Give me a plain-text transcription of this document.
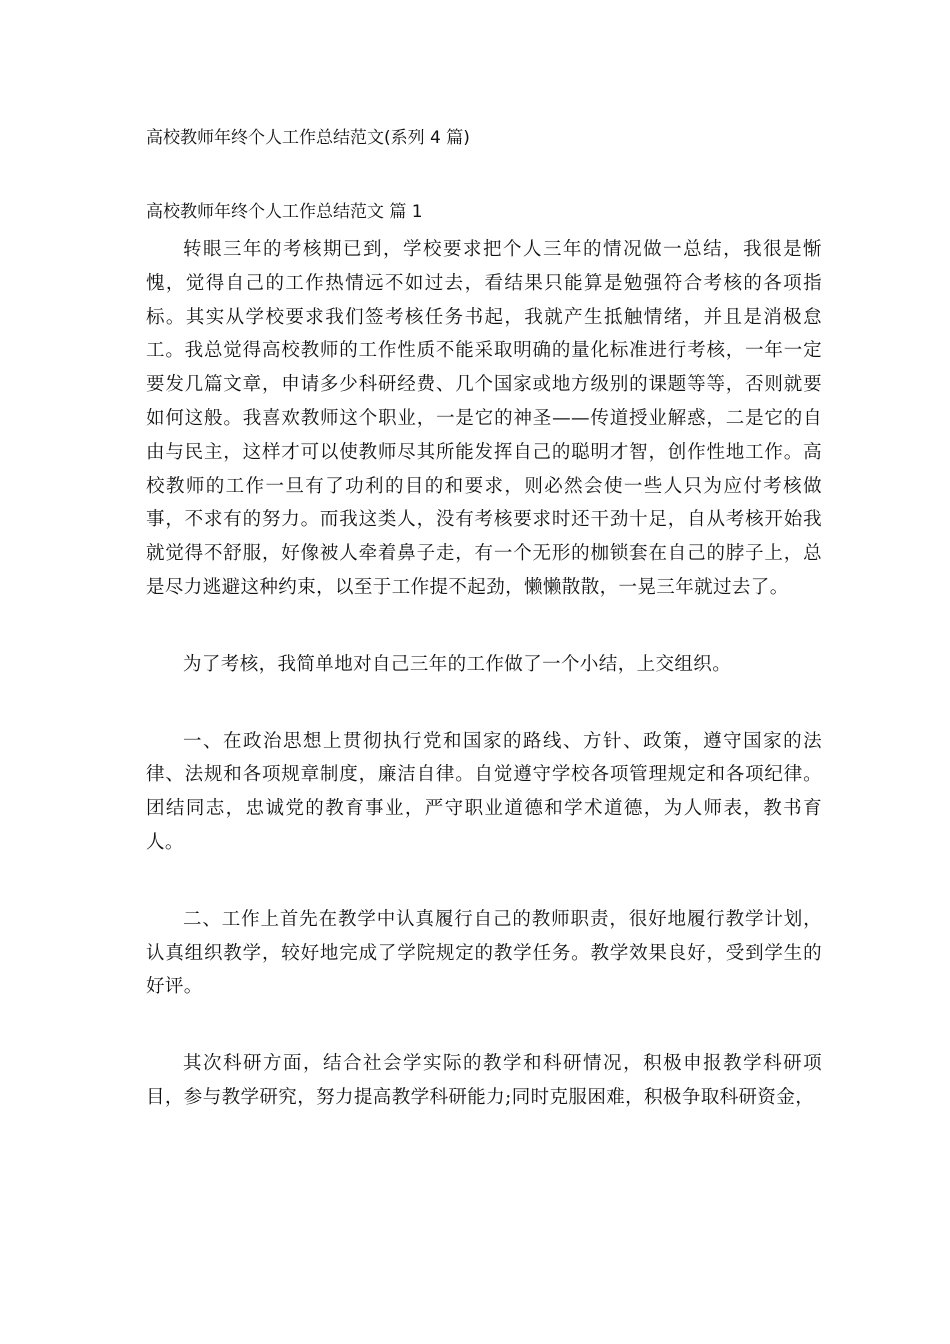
高校教师年终个人工作总结范文(系列 4 篇)
高校教师年终个人工作总结范文 篇 1

转眼三年的考核期已到，学校要求把个人三年的情况做一总结，我很是惭愧，觉得自己的工作热情远不如过去，看结果只能算是勉强符合考核的各项指标。其实从学校要求我们签考核任务书起，我就产生抵触情绪，并且是消极怠工。我总觉得高校教师的工作性质不能采取明确的量化标准进行考核，一年一定要发几篇文章，申请多少科研经费、几个国家或地方级别的课题等等，否则就要如何这般。我喜欢教师这个职业，一是它的神圣——传道授业解惑，二是它的自由与民主，这样才可以使教师尽其所能发挥自己的聪明才智，创作性地工作。高校教师的工作一旦有了功利的目的和要求，则必然会使一些人只为应付考核做事，不求有的努力。而我这类人，没有考核要求时还干劲十足，自从考核开始我就觉得不舒服，好像被人牵着鼻子走，有一个无形的枷锁套在自己的脖子上，总是尽力逃避这种约束，以至于工作提不起劲，懒懒散散，一晃三年就过去了。

为了考核，我简单地对自己三年的工作做了一个小结，上交组织。

一、在政治思想上贯彻执行党和国家的路线、方针、政策，遵守国家的法律、法规和各项规章制度，廉洁自律。自觉遵守学校各项管理规定和各项纪律。团结同志，忠诚党的教育事业，严守职业道德和学术道德，为人师表，教书育人。

二、工作上首先在教学中认真履行自己的教师职责，很好地履行教学计划，认真组织教学，较好地完成了学院规定的教学任务。教学效果良好，受到学生的好评。

其次科研方面，结合社会学实际的教学和科研情况，积极申报教学科研项目，参与教学研究，努力提高教学科研能力;同时克服困难，积极争取科研资金，
